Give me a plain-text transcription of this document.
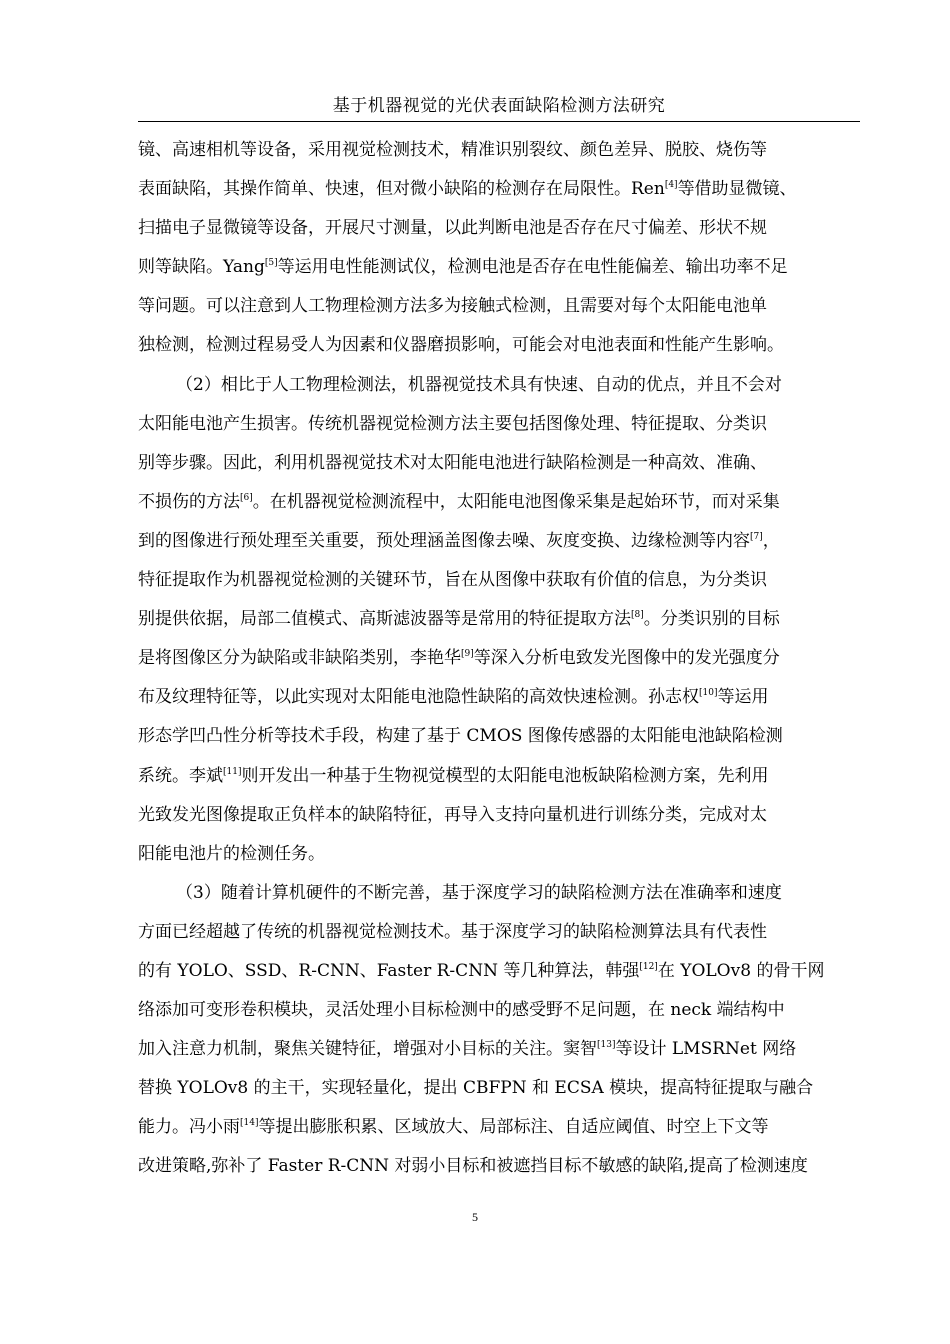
基于机器视觉的光伏表面缺陷检测方法研究
镜、高速相机等设备，采用视觉检测技术，精准识别裂纹、颜色差异、脱胶、烧伤等
表面缺陷，其操作简单、快速，但对微小缺陷的检测存在局限性。Ren[4]等借助显微镜、
扫描电子显微镜等设备，开展尺寸测量，以此判断电池是否存在尺寸偏差、形状不规
则等缺陷。Yang[5]等运用电性能测试仪，检测电池是否存在电性能偏差、输出功率不足
等问题。可以注意到人工物理检测方法多为接触式检测，且需要对每个太阳能电池单
独检测，检测过程易受人为因素和仪器磨损影响，可能会对电池表面和性能产生影响。
（2）相比于人工物理检测法，机器视觉技术具有快速、自动的优点，并且不会对
太阳能电池产生损害。传统机器视觉检测方法主要包括图像处理、特征提取、分类识
别等步骤。因此，利用机器视觉技术对太阳能电池进行缺陷检测是一种高效、准确、
不损伤的方法[6]。在机器视觉检测流程中，太阳能电池图像采集是起始环节，而对采集
到的图像进行预处理至关重要，预处理涵盖图像去噪、灰度变换、边缘检测等内容[7]，
特征提取作为机器视觉检测的关键环节，旨在从图像中获取有价值的信息，为分类识
别提供依据，局部二值模式、高斯滤波器等是常用的特征提取方法[8]。分类识别的目标
是将图像区分为缺陷或非缺陷类别，李艳华[9]等深入分析电致发光图像中的发光强度分
布及纹理特征等，以此实现对太阳能电池隐性缺陷的高效快速检测。孙志权[10]等运用
形态学凹凸性分析等技术手段，构建了基于 CMOS 图像传感器的太阳能电池缺陷检测
系统。李斌[11]则开发出一种基于生物视觉模型的太阳能电池板缺陷检测方案，先利用
光致发光图像提取正负样本的缺陷特征，再导入支持向量机进行训练分类，完成对太
阳能电池片的检测任务。
（3）随着计算机硬件的不断完善，基于深度学习的缺陷检测方法在准确率和速度
方面已经超越了传统的机器视觉检测技术。基于深度学习的缺陷检测算法具有代表性
的有 YOLO、SSD、R-CNN、Faster R-CNN 等几种算法，韩强[12]在 YOLOv8 的骨干网
络添加可变形卷积模块，灵活处理小目标检测中的感受野不足问题，在 neck 端结构中
加入注意力机制，聚焦关键特征，增强对小目标的关注。窦智[13]等设计 LMSRNet 网络
替换 YOLOv8 的主干，实现轻量化，提出 CBFPN 和 ECSA 模块，提高特征提取与融合
能力。冯小雨[14]等提出膨胀积累、区域放大、局部标注、自适应阈值、时空上下文等
改进策略,弥补了 Faster R-CNN 对弱小目标和被遮挡目标不敏感的缺陷,提高了检测速度
5
